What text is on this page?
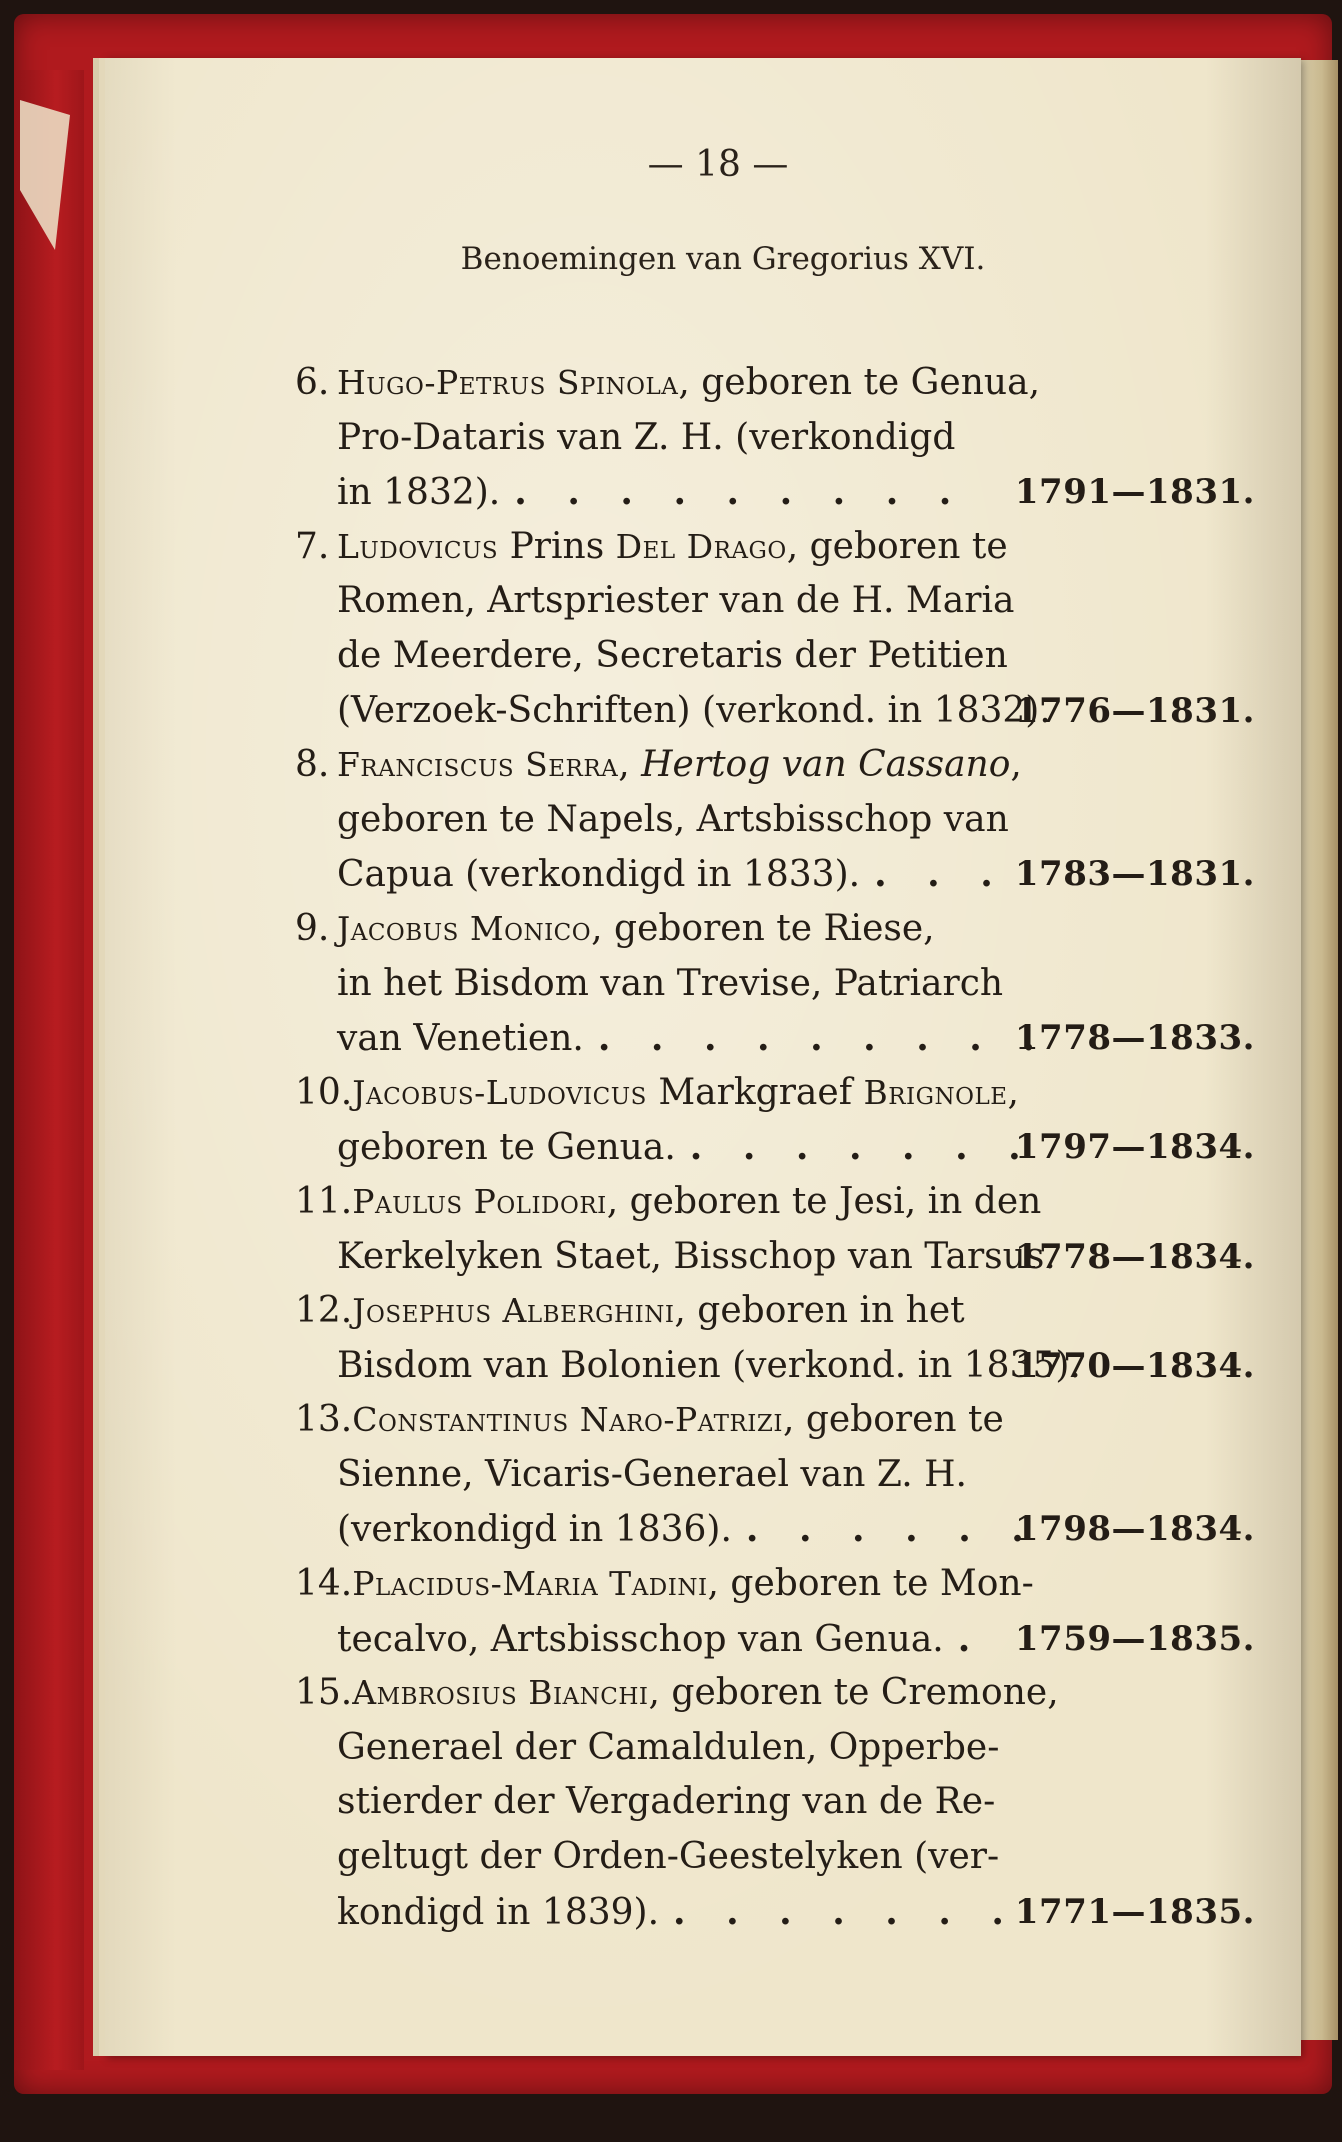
— 18 —
Benoemingen van Gregorius XVI.
6. Hugo-Petrus Spinola, geboren te Genua,
Pro-Dataris van Z. H. (verkondigd
in 1832). . . . . . . . . . 1791—1831.
7. Ludovicus Prins Del Drago, geboren te
Romen, Artspriester van de H. Maria
de Meerdere, Secretaris der Petitien
(Verzoek-Schriften) (verkond. in 1832).
1776—1831.
8. Franciscus Serra, Hertog van Cassano,
geboren te Napels, Artsbisschop van
Capua (verkondigd in 1833). . . . 1783—1831.
9. Jacobus Monico, geboren te Riese,
in het Bisdom van Trevise, Patriarch
van Venetien. . . . . . . . . .
1778—1833.
10.Jacobus-Ludovicus Markgraef Brignole,
geboren te Genua. . . . . . . .
1797—1834.
11.Paulus Polidori, geboren te Jesi, in den
Kerkelyken Staet, Bisschop van Tarsus.
1778—1834.
12.Josephus Alberghini, geboren in het
Bisdom van Bolonien (verkond. in 1835).
1770—1834.
13.Constantinus Naro-Patrizi, geboren te
Sienne, Vicaris-Generael van Z. H.
(verkondigd in 1836). . . . . . .
1798—1834.
14.Placidus-Maria Tadini, geboren te Mon-
tecalvo, Artsbisschop van Genua. . 1759—1835.
15.Ambrosius Bianchi, geboren te Cremone,
Generael der Camaldulen, Opperbe-
stierder der Vergadering van de Re-
geltugt der Orden-Geestelyken (ver-
kondigd in 1839). . . . . . . .
1771—1835.
